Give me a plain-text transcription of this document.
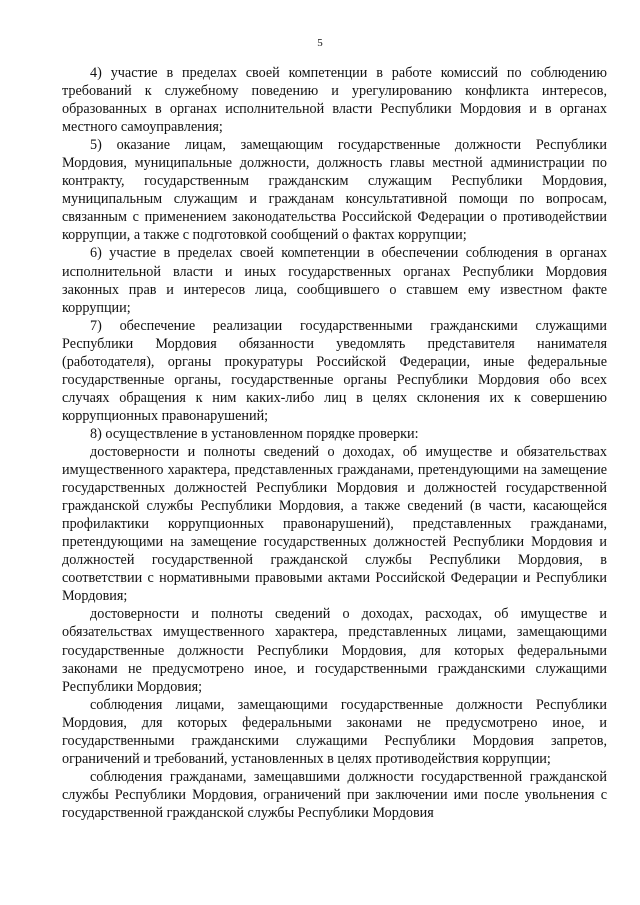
5

4) участие в пределах своей компетенции в работе комиссий по соблюдению требований к служебному поведению и урегулированию конфликта интересов, образованных в органах исполнительной власти Республики Мордовия и в органах местного самоуправления;

5) оказание лицам, замещающим государственные должности Республики Мордовия, муниципальные должности, должность главы местной администрации по контракту, государственным гражданским служащим Республики Мордовия, муниципальным служащим и гражданам консультативной помощи по вопросам, связанным с применением законодательства Российской Федерации о противодействии коррупции, а также с подготовкой сообщений о фактах коррупции;

6) участие в пределах своей компетенции в обеспечении соблюдения в органах исполнительной власти и иных государственных органах Республики Мордовия законных прав и интересов лица, сообщившего о ставшем ему известном факте коррупции;

7) обеспечение реализации государственными гражданскими служащими Республики Мордовия обязанности уведомлять представителя нанимателя (работодателя), органы прокуратуры Российской Федерации, иные федеральные государственные органы, государственные органы Республики Мордовия обо всех случаях обращения к ним каких-либо лиц в целях склонения их к совершению коррупционных правонарушений;

8) осуществление в установленном порядке проверки:

достоверности и полноты сведений о доходах, об имуществе и обязательствах имущественного характера, представленных гражданами, претендующими на замещение государственных должностей Республики Мордовия и должностей государственной гражданской службы Республики Мордовия, а также сведений (в части, касающейся профилактики коррупционных правонарушений), представленных гражданами, претендующими на замещение государственных должностей Республики Мордовия и должностей государственной гражданской службы Республики Мордовия, в соответствии с нормативными правовыми актами Российской Федерации и Республики Мордовия;

достоверности и полноты сведений о доходах, расходах, об имуществе и обязательствах имущественного характера, представленных лицами, замещающими государственные должности Республики Мордовия, для которых федеральными законами не предусмотрено иное, и государственными гражданскими служащими Республики Мордовия;

соблюдения лицами, замещающими государственные должности Республики Мордовия, для которых федеральными законами не предусмотрено иное, и государственными гражданскими служащими Республики Мордовия запретов, ограничений и требований, установленных в целях противодействия коррупции;

соблюдения гражданами, замещавшими должности государственной гражданской службы Республики Мордовия, ограничений при заключении ими после увольнения с государственной гражданской службы Республики Мордовия
